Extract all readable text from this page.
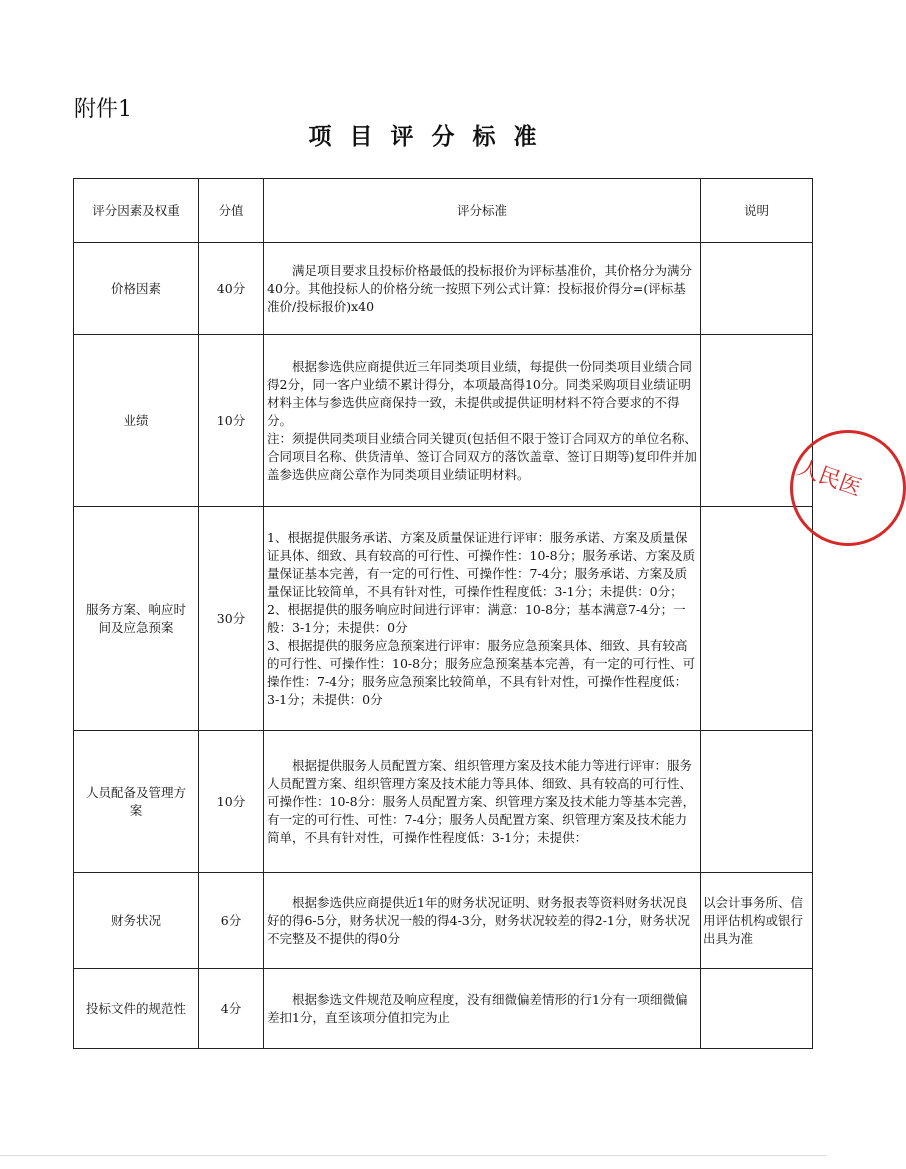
附件1
项目评分标准
评分因素及权重	分值	评分标准	说明
价格因素	40分	满足项目要求且投标价格最低的投标报价为评标基准价，其价格分为满分40分。其他投标人的价格分统一按照下列公式计算：投标报价得分=(评标基准价/投标报价)x40	

业绩	10分	根据参选供应商提供近三年同类项目业绩，每提供一份同类项目业绩合同得2分，同一客户业绩不累计得分，本项最高得10分。同类采购项目业绩证明材料主体与参选供应商保持一致，未提供或提供证明材料不符合要求的不得分。

注：须提供同类项目业绩合同关键页(包括但不限于签订合同双方的单位名称、合同项目名称、供货清单、签订合同双方的落饮盖章、签订日期等)复印件并加盖参选供应商公章作为同类项目业绩证明材料。	

服务方案、响应时间及应急预案	30分	1、根据提供服务承诺、方案及质量保证进行评审：服务承诺、方案及质量保证具体、细致、具有较高的可行性、可操作性：10-8分；服务承诺、方案及质量保证基本完善，有一定的可行性、可操作性：7-4分；服务承诺、方案及质量保证比较简单，不具有针对性，可操作性程度低：3-1分；未提供：0分；

2、根据提供的服务响应时间进行评审：满意：10-8分；基本满意7-4分；一般：3-1分；未提供：0分

3、根据提供的服务应急预案进行评审：服务应急预案具体、细致、具有较高的可行性、可操作性：10-8分；服务应急预案基本完善，有一定的可行性、可操作性：7-4分；服务应急预案比较简单，不具有针对性，可操作性程度低：3-1分；未提供：0分	

人员配备及管理方案	10分	根据提供服务人员配置方案、组织管理方案及技术能力等进行评审：服务人员配置方案、组织管理方案及技术能力等具体、细致、具有较高的可行性、可操作性：10-8分：服务人员配置方案、织管理方案及技术能力等基本完善，有一定的可行性、可性：7-4分；服务人员配置方案、织管理方案及技术能力简单，不具有针对性，可操作性程度低：3-1分；未提供：	

财务状况	6分	根据参选供应商提供近1年的财务状况证明、财务报表等资料财务状况良好的得6-5分，财务状况一般的得4-3分，财务状况较差的得2-1分，财务状况不完整及不提供的得0分	以会计事务所、信用评估机构或银行出具为准
投标文件的规范性	4分	根据参选文件规范及响应程度，没有细微偏差情形的行1分有一项细微偏差扣1分，直至该项分值扣完为止	

人民医
